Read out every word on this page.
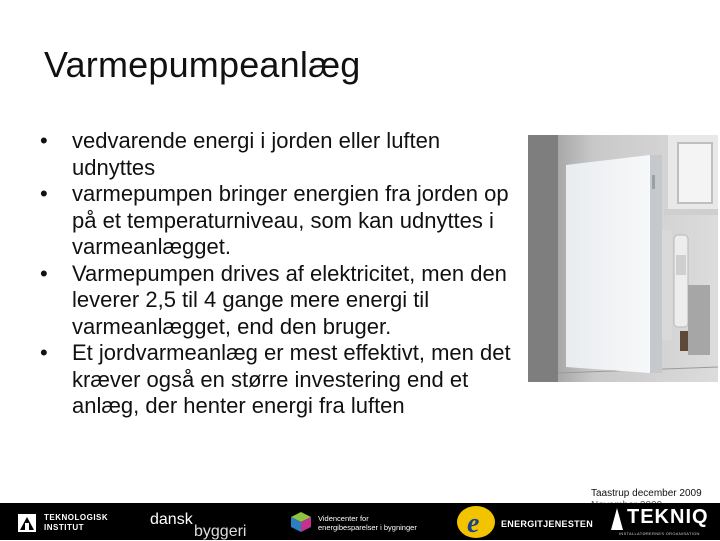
Varmepumpeanlæg
• vedvarende energi i jorden eller luften udnyttes
• varmepumpen bringer energien fra jorden op på et temperaturniveau, som kan udnyttes i varmeanlægget.
• Varmepumpen drives af elektricitet, men den leverer 2,5 til 4 gange mere energi til varmeanlægget, end den bruger.
• Et jordvarmeanlæg er mest effektivt, men det kræver også en større investering end et anlæg, der henter energi fra luften
Taastrup december 2009
TEKNOLOGISK
INSTITUT	dansk
byggeri
Videncenter for
energibesparelser i bygninger e ENERGITJENESTEN TEKNIQ
INSTALLATØRERNES ORGANISATION
